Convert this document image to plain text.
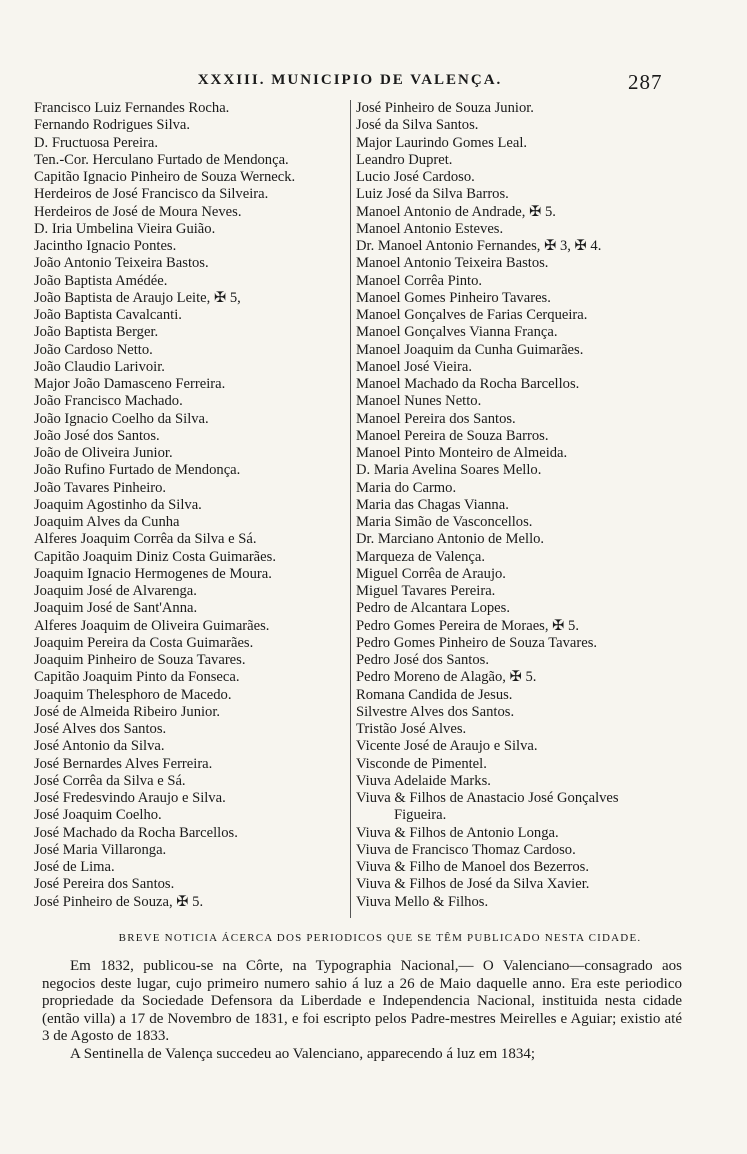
XXXIII. MUNICIPIO DE VALENÇA.	287
Francisco Luiz Fernandes Rocha.
Fernando Rodrigues Silva.
D. Fructuosa Pereira.
Ten.-Cor. Herculano Furtado de Mendonça.
Capitão Ignacio Pinheiro de Souza Werneck.
Herdeiros de José Francisco da Silveira.
Herdeiros de José de Moura Neves.
D. Iria Umbelina Vieira Guião.
Jacintho Ignacio Pontes.
João Antonio Teixeira Bastos.
João Baptista Amédée.
João Baptista de Araujo Leite, ✠ 5,
João Baptista Cavalcanti.
João Baptista Berger.
João Cardoso Netto.
João Claudio Larivoir.
Major João Damasceno Ferreira.
João Francisco Machado.
João Ignacio Coelho da Silva.
João José dos Santos.
João de Oliveira Junior.
João Rufino Furtado de Mendonça.
João Tavares Pinheiro.
Joaquim Agostinho da Silva.
Joaquim Alves da Cunha
Alferes Joaquim Corrêa da Silva e Sá.
Capitão Joaquim Diniz Costa Guimarães.
Joaquim Ignacio Hermogenes de Moura.
Joaquim José de Alvarenga.
Joaquim José de Sant'Anna.
Alferes Joaquim de Oliveira Guimarães.
Joaquim Pereira da Costa Guimarães.
Joaquim Pinheiro de Souza Tavares.
Capitão Joaquim Pinto da Fonseca.
Joaquim Thelesphoro de Macedo.
José de Almeida Ribeiro Junior.
José Alves dos Santos.
José Antonio da Silva.
José Bernardes Alves Ferreira.
José Corrêa da Silva e Sá.
José Fredesvindo Araujo e Silva.
José Joaquim Coelho.
José Machado da Rocha Barcellos.
José Maria Villaronga.
José de Lima.
José Pereira dos Santos.
José Pinheiro de Souza, ✠ 5.
José Pinheiro de Souza Junior.
José da Silva Santos.
Major Laurindo Gomes Leal.
Leandro Dupret.
Lucio José Cardoso.
Luiz José da Silva Barros.
Manoel Antonio de Andrade, ✠ 5.
Manoel Antonio Esteves.
Dr. Manoel Antonio Fernandes, ✠ 3, ✠ 4.
Manoel Antonio Teixeira Bastos.
Manoel Corrêa Pinto.
Manoel Gomes Pinheiro Tavares.
Manoel Gonçalves de Farias Cerqueira.
Manoel Gonçalves Vianna França.
Manoel Joaquim da Cunha Guimarães.
Manoel José Vieira.
Manoel Machado da Rocha Barcellos.
Manoel Nunes Netto.
Manoel Pereira dos Santos.
Manoel Pereira de Souza Barros.
Manoel Pinto Monteiro de Almeida.
D. Maria Avelina Soares Mello.
Maria do Carmo.
Maria das Chagas Vianna.
Maria Simão de Vasconcellos.
Dr. Marciano Antonio de Mello.
Marqueza de Valença.
Miguel Corrêa de Araujo.
Miguel Tavares Pereira.
Pedro de Alcantara Lopes.
Pedro Gomes Pereira de Moraes, ✠ 5.
Pedro Gomes Pinheiro de Souza Tavares.
Pedro José dos Santos.
Pedro Moreno de Alagão, ✠ 5.
Romana Candida de Jesus.
Silvestre Alves dos Santos.
Tristão José Alves.
Vicente José de Araujo e Silva.
Visconde de Pimentel.
Viuva Adelaide Marks.
Viuva & Filhos de Anastacio José Gonçalves
Figueira.
Viuva & Filhos de Antonio Longa.
Viuva de Francisco Thomaz Cardoso.
Viuva & Filho de Manoel dos Bezerros.
Viuva & Filhos de José da Silva Xavier.
Viuva Mello & Filhos.
BREVE NOTICIA ÁCERCA DOS PERIODICOS QUE SE TÊM PUBLICADO NESTA CIDADE.

Em 1832, publicou-se na Côrte, na Typographia Nacional,— O Valenciano—consagrado aos negocios deste lugar, cujo primeiro numero sahio á luz a 26 de Maio daquelle anno. Era este periodico propriedade da Sociedade Defensora da Liberdade e Independencia Nacional, instituida nesta cidade (então villa) a 17 de Novembro de 1831, e foi escripto pelos Padre-mestres Meirelles e Aguiar; existio até 3 de Agosto de 1833.

A Sentinella de Valença succedeu ao Valenciano, apparecendo á luz em 1834;
